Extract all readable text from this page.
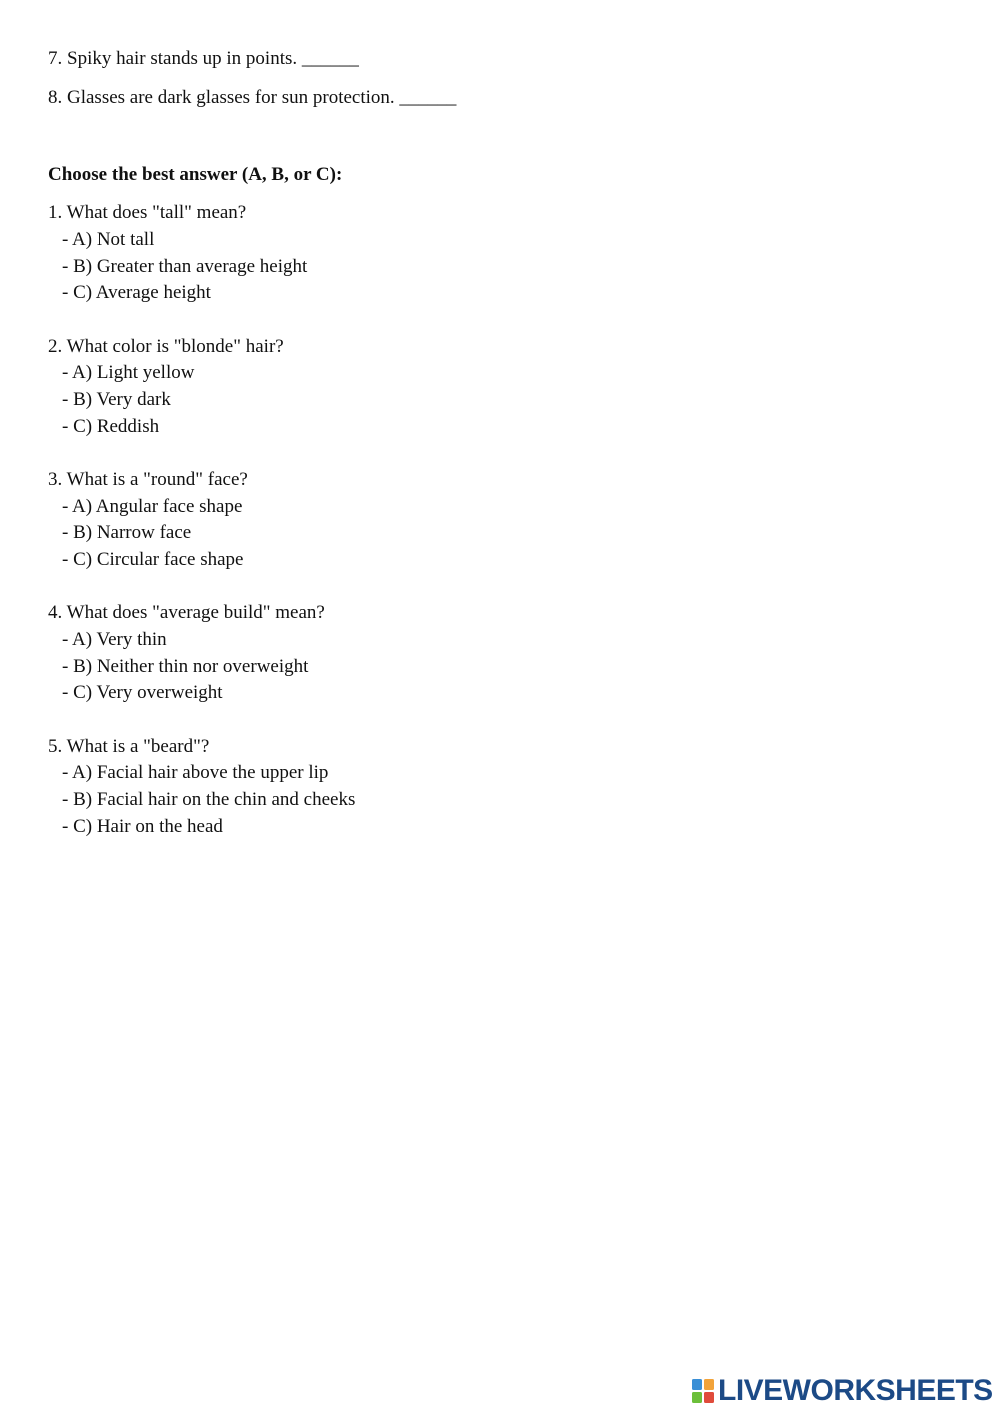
7. Spiky hair stands up in points. ______
8. Glasses are dark glasses for sun protection. ______
Choose the best answer (A, B, or C):
1. What does "tall" mean?
- A) Not tall
- B) Greater than average height
- C) Average height
2. What color is "blonde" hair?
- A) Light yellow
- B) Very dark
- C) Reddish
3. What is a "round" face?
- A) Angular face shape
- B) Narrow face
- C) Circular face shape
4. What does "average build" mean?
- A) Very thin
- B) Neither thin nor overweight
- C) Very overweight
5. What is a "beard"?
- A) Facial hair above the upper lip
- B) Facial hair on the chin and cheeks
- C) Hair on the head
LIVEWORKSHEETS
